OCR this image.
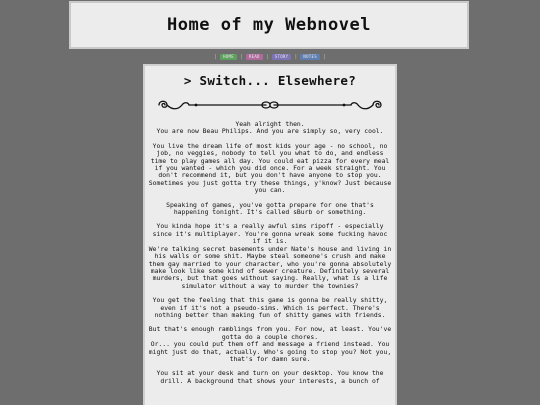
Home of my Webnovel
|	HOME	|	READ	|	STORY	|	NOTES	|
> Switch... Elsewhere?

Yeah alright then.

You are now Beau Philips. And you are simply so, very cool.

You live the dream life of most kids your age - no school, no job, no veggies, nobody to tell you what to do, and endless time to play games all day. You could eat pizza for every meal if you wanted - which you did once. For a week straight. You don't recommend it, but you don't have anyone to stop you. Sometimes you just gotta try these things, y'know? Just because you can.

Speaking of games, you've gotta prepare for one that's happening tonight. It's called sBurb or something.

You kinda hope it's a really awful sims ripoff - especially since it's multiplayer. You're gonna wreak some fucking havoc if it is.

We're talking secret basements under Nate's house and living in his walls or some shit. Maybe steal someone's crush and make them gay married to your character, who you're gonna absolutely make look like some kind of sewer creature. Definitely several murders, but that goes without saying. Really, what is a life simulator without a way to murder the townies?

You get the feeling that this game is gonna be really shitty, even if it's not a pseudo-sims. Which is perfect. There's nothing better than making fun of shitty games with friends.

But that's enough ramblings from you. For now, at least. You've gotta do a couple chores.

Or... you could put them off and message a friend instead. You might just do that, actually. Who's going to stop you? Not you, that's for damn sure.

You sit at your desk and turn on your desktop. You know the drill. A background that shows your interests, a bunch of
